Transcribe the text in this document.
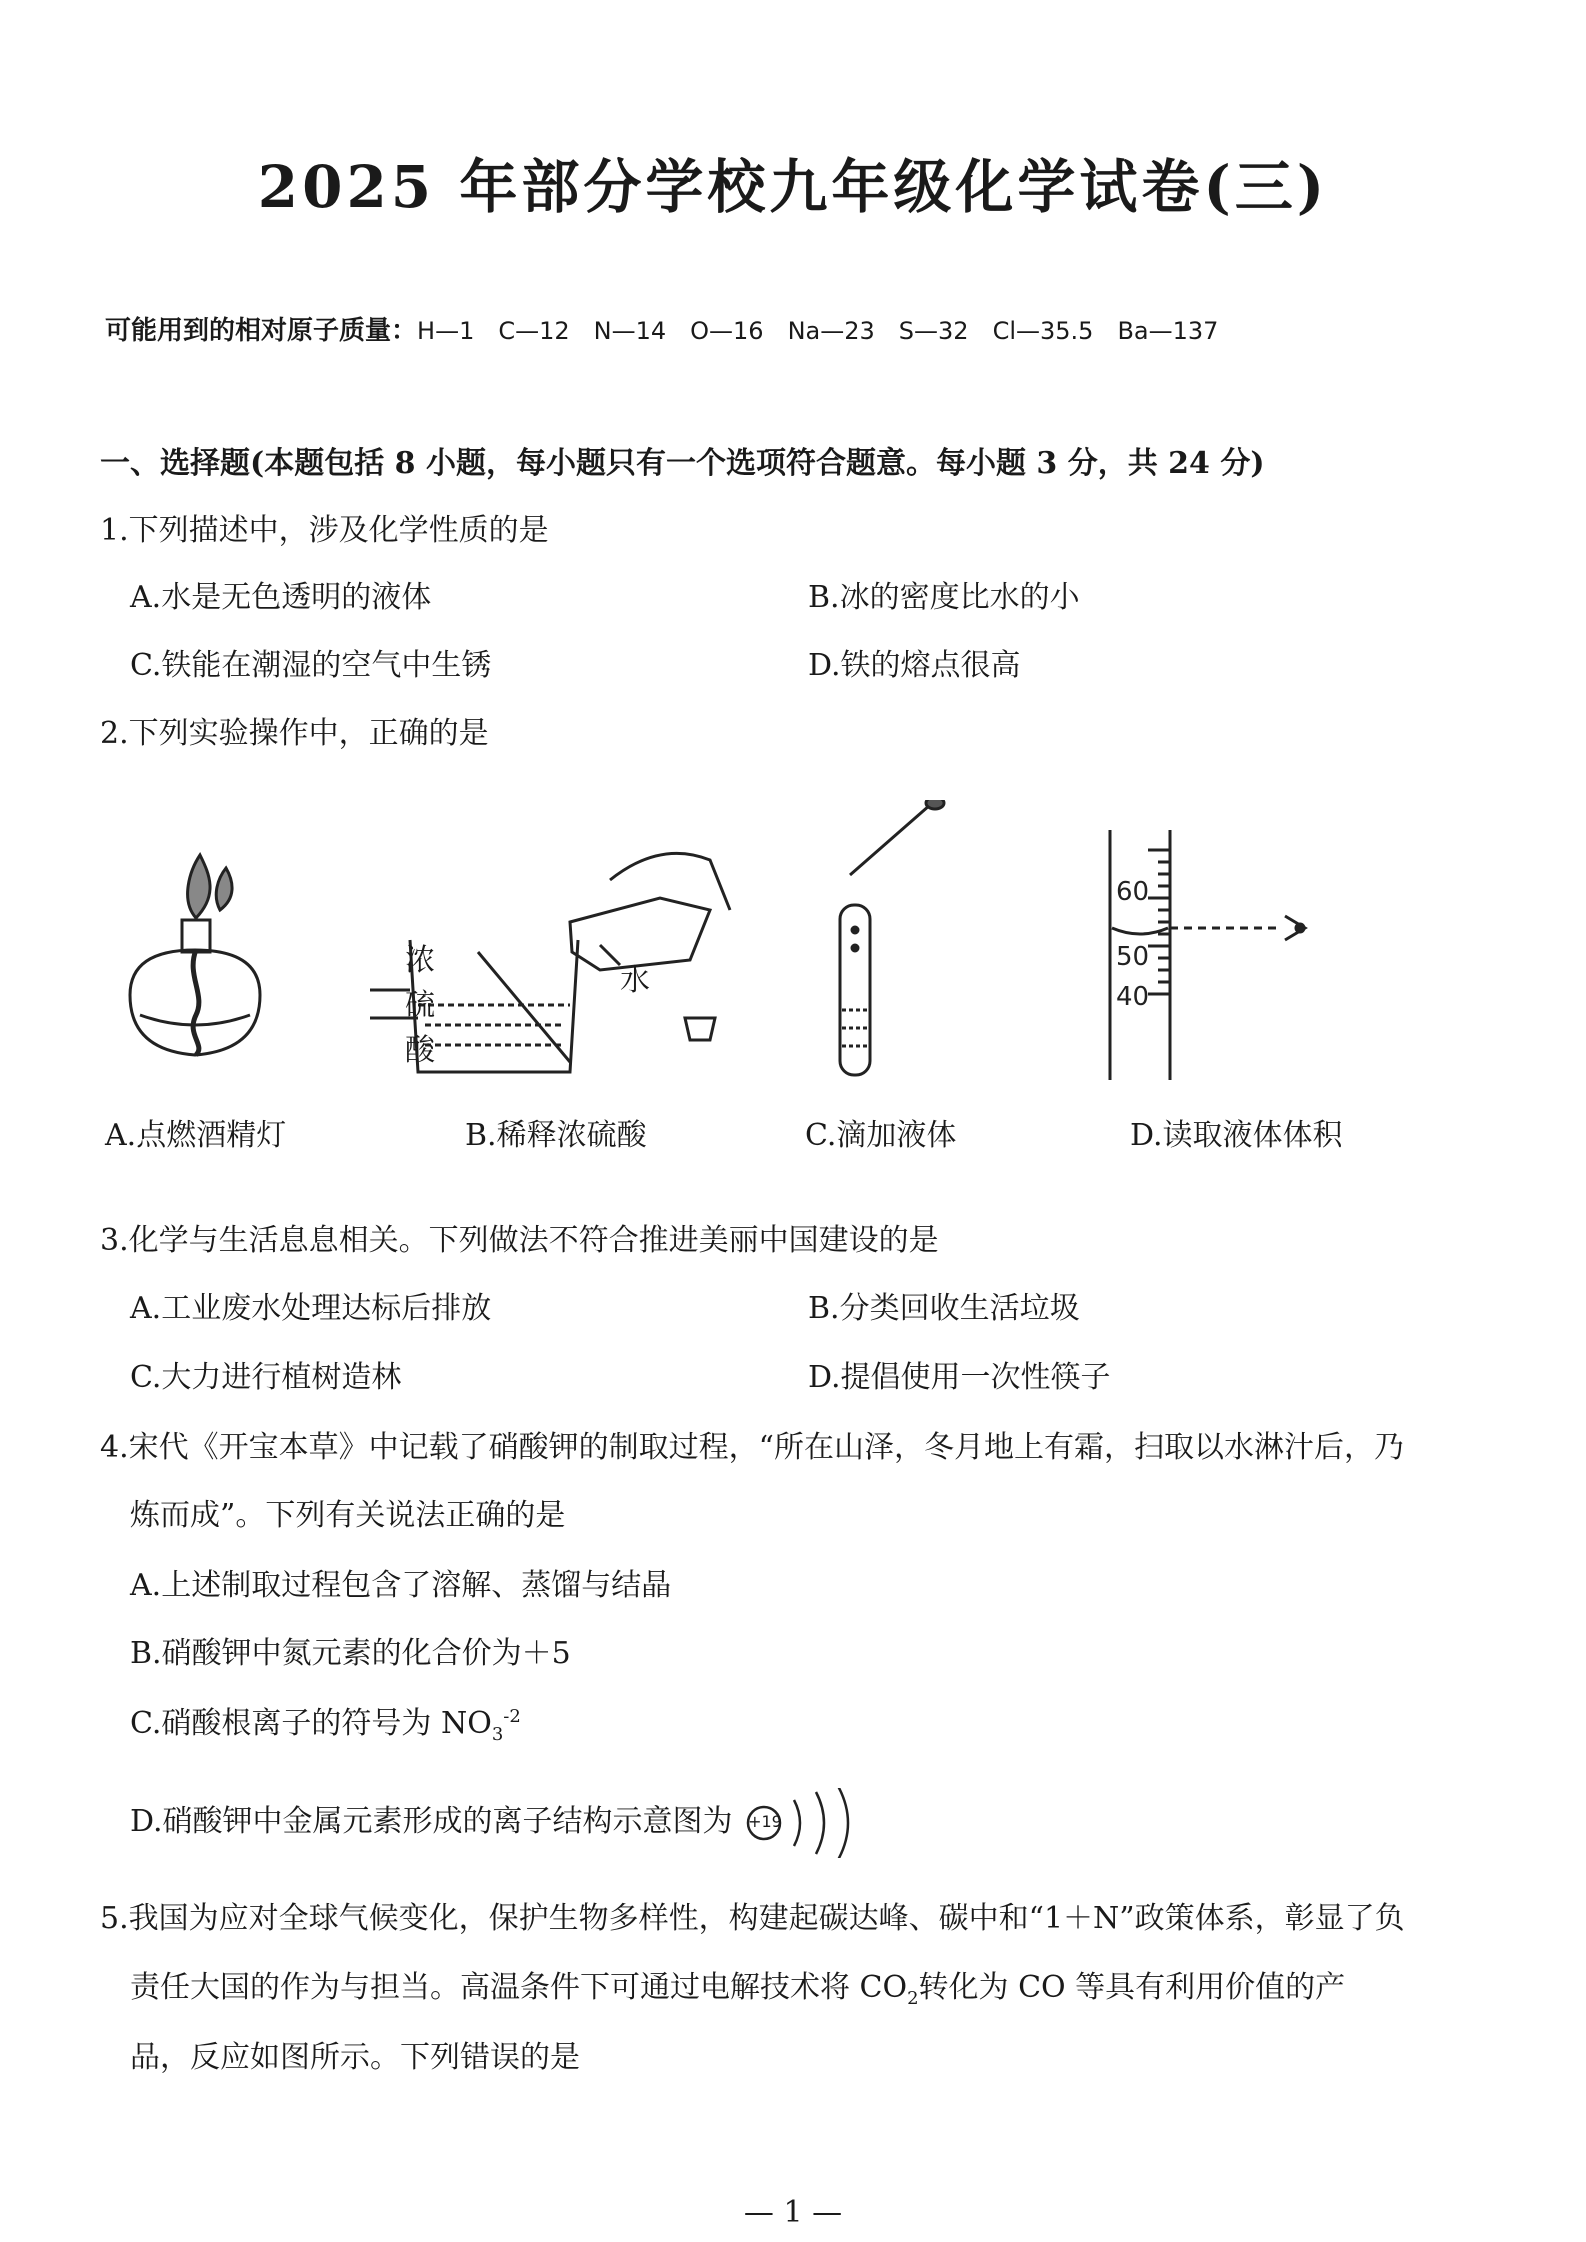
2025 年部分学校九年级化学试卷(三)
可能用到的相对原子质量：H—1 C—12 N—14 O—16 Na—23 S—32 Cl—35.5 Ba—137
一、选择题(本题包括 8 小题，每小题只有一个选项符合题意。每小题 3 分，共 24 分)
1.下列描述中，涉及化学性质的是
A.水是无色透明的液体	B.冰的密度比水的小
C.铁能在潮湿的空气中生锈	D.铁的熔点很高
2.下列实验操作中，正确的是
60
50
40
浓
硫
酸
水
A.点燃酒精灯	B.稀释浓硫酸	C.滴加液体	D.读取液体体积
3.化学与生活息息相关。下列做法不符合推进美丽中国建设的是
A.工业废水处理达标后排放	B.分类回收生活垃圾
C.大力进行植树造林	D.提倡使用一次性筷子
4.宋代《开宝本草》中记载了硝酸钾的制取过程，“所在山泽，冬月地上有霜，扫取以水淋汁后，乃
炼而成”。下列有关说法正确的是
A.上述制取过程包含了溶解、蒸馏与结晶
B.硝酸钾中氮元素的化合价为＋5
C.硝酸根离子的符号为 $NO_3^{-2}$
D.硝酸钾中金属元素形成的离子结构示意图为 +19
5.我国为应对全球气候变化，保护生物多样性，构建起碳达峰、碳中和“1＋N”政策体系，彰显了负
责任大国的作为与担当。高温条件下可通过电解技术将 $CO_2$转化为 CO 等具有利用价值的产
品，反应如图所示。下列错误的是
— 1 —
